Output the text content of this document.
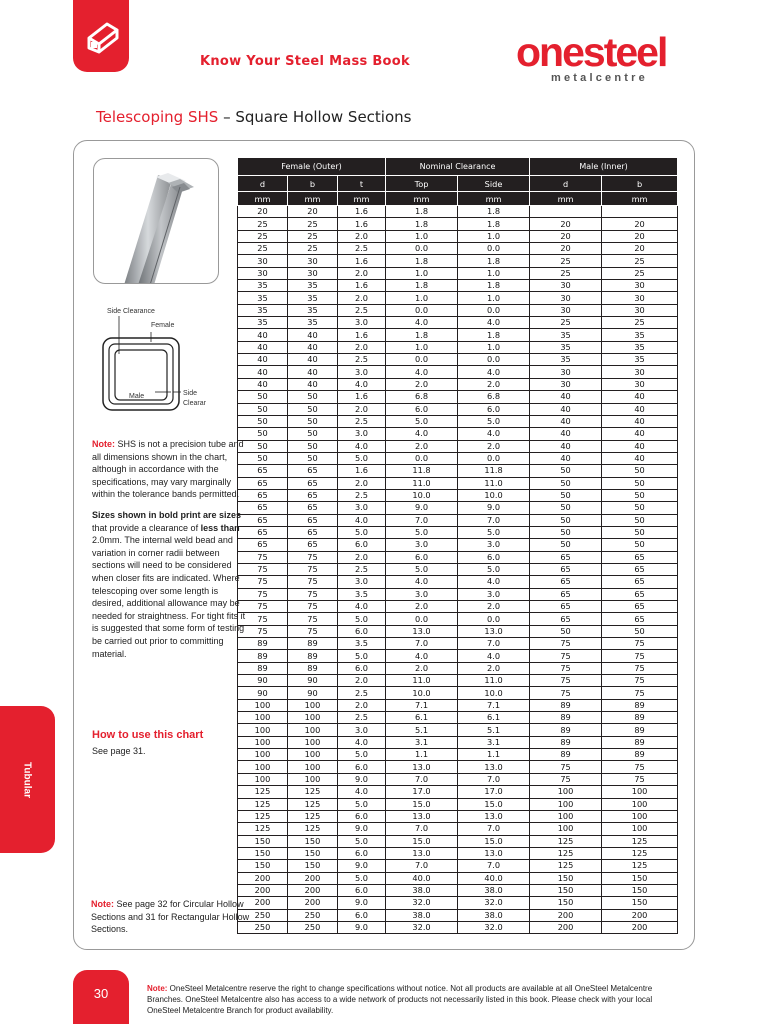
Know Your Steel Mass Book	onesteel
metalcentre
Telescoping SHS – Square Hollow Sections
Side Clearance
Female
Male	Side
Clearar

Note: SHS is not a precision tube and all dimensions shown in the chart, although in accordance with the specifications, may vary marginally within the tolerance bands permitted.

Sizes shown in bold print are sizes that provide a clearance of less than 2.0mm. The internal weld bead and variation in corner radii between sections will need to be considered when closer fits are indicated. Where telescoping over some length is desired, additional allowance may be needed for straightness. For tight fits it is suggested that some form of testing be carried out prior to committing material.

How to use this chart
See page 31.
Note: See page 32 for Circular Hollow Sections and 31 for Rectangular Hollow Sections.
Tubular
Female (Outer)			Nominal Clearance		Male (Inner)	
d	b	t	Top	Side	d	b
mm	mm	mm	mm	mm	mm	mm
20	20	1.6	1.8	1.8		
25	25	1.6	1.8	1.8	20	20
25	25	2.0	1.0	1.0	20	20
25	25	2.5	0.0	0.0	20	20
30	30	1.6	1.8	1.8	25	25
30	30	2.0	1.0	1.0	25	25
35	35	1.6	1.8	1.8	30	30
35	35	2.0	1.0	1.0	30	30
35	35	2.5	0.0	0.0	30	30
35	35	3.0	4.0	4.0	25	25
40	40	1.6	1.8	1.8	35	35
40	40	2.0	1.0	1.0	35	35
40	40	2.5	0.0	0.0	35	35
40	40	3.0	4.0	4.0	30	30
40	40	4.0	2.0	2.0	30	30
50	50	1.6	6.8	6.8	40	40
50	50	2.0	6.0	6.0	40	40
50	50	2.5	5.0	5.0	40	40
50	50	3.0	4.0	4.0	40	40
50	50	4.0	2.0	2.0	40	40
50	50	5.0	0.0	0.0	40	40
65	65	1.6	11.8	11.8	50	50
65	65	2.0	11.0	11.0	50	50
65	65	2.5	10.0	10.0	50	50
65	65	3.0	9.0	9.0	50	50
65	65	4.0	7.0	7.0	50	50
65	65	5.0	5.0	5.0	50	50
65	65	6.0	3.0	3.0	50	50
75	75	2.0	6.0	6.0	65	65
75	75	2.5	5.0	5.0	65	65
75	75	3.0	4.0	4.0	65	65
75	75	3.5	3.0	3.0	65	65
75	75	4.0	2.0	2.0	65	65
75	75	5.0	0.0	0.0	65	65
75	75	6.0	13.0	13.0	50	50
89	89	3.5	7.0	7.0	75	75
89	89	5.0	4.0	4.0	75	75
89	89	6.0	2.0	2.0	75	75
90	90	2.0	11.0	11.0	75	75
90	90	2.5	10.0	10.0	75	75
100	100	2.0	7.1	7.1	89	89
100	100	2.5	6.1	6.1	89	89
100	100	3.0	5.1	5.1	89	89
100	100	4.0	3.1	3.1	89	89
100	100	5.0	1.1	1.1	89	89
100	100	6.0	13.0	13.0	75	75
100	100	9.0	7.0	7.0	75	75
125	125	4.0	17.0	17.0	100	100
125	125	5.0	15.0	15.0	100	100
125	125	6.0	13.0	13.0	100	100
125	125	9.0	7.0	7.0	100	100
150	150	5.0	15.0	15.0	125	125
150	150	6.0	13.0	13.0	125	125
150	150	9.0	7.0	7.0	125	125
200	200	5.0	40.0	40.0	150	150
200	200	6.0	38.0	38.0	150	150
200	200	9.0	32.0	32.0	150	150
250	250	6.0	38.0	38.0	200	200
250	250	9.0	32.0	32.0	200	200
30	Note: OneSteel Metalcentre reserve the right to change specifications without notice. Not all products are available at all OneSteel Metalcentre Branches. OneSteel Metalcentre also has access to a wide network of products not necessarily listed in this book. Please check with your local OneSteel Metalcentre Branch for product availability.
